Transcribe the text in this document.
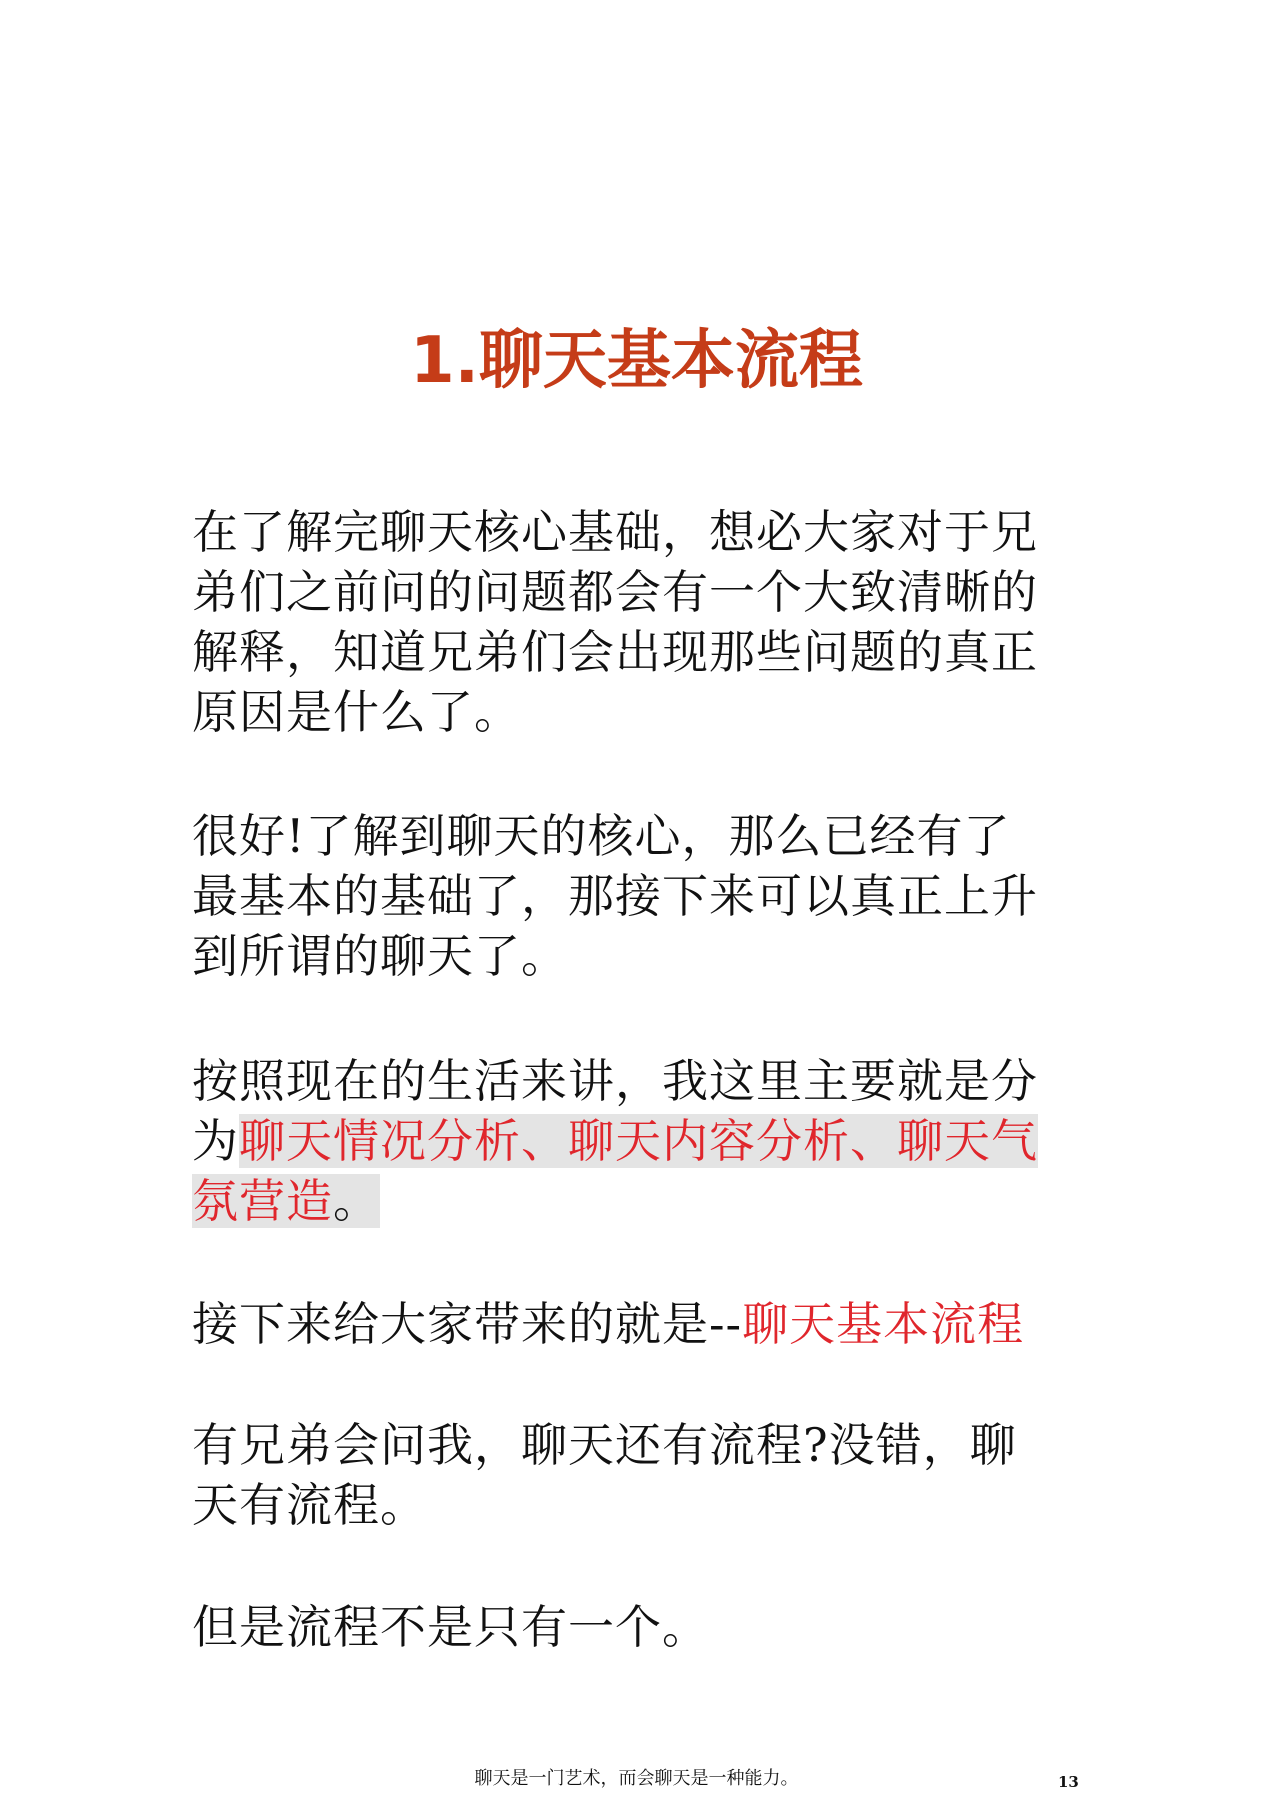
1.聊天基本流程

在了解完聊天核心基础，想必大家对于兄弟们之前问的问题都会有一个大致清晰的解释，知道兄弟们会出现那些问题的真正原因是什么了。

很好!了解到聊天的核心，那么已经有了最基本的基础了，那接下来可以真正上升到所谓的聊天了。

按照现在的生活来讲，我这里主要就是分为聊天情况分析、聊天内容分析、聊天气氛营造。

接下来给大家带来的就是--聊天基本流程

有兄弟会问我，聊天还有流程?没错，聊天有流程。

但是流程不是只有一个。

聊天是一门艺术，而会聊天是一种能力。	13
